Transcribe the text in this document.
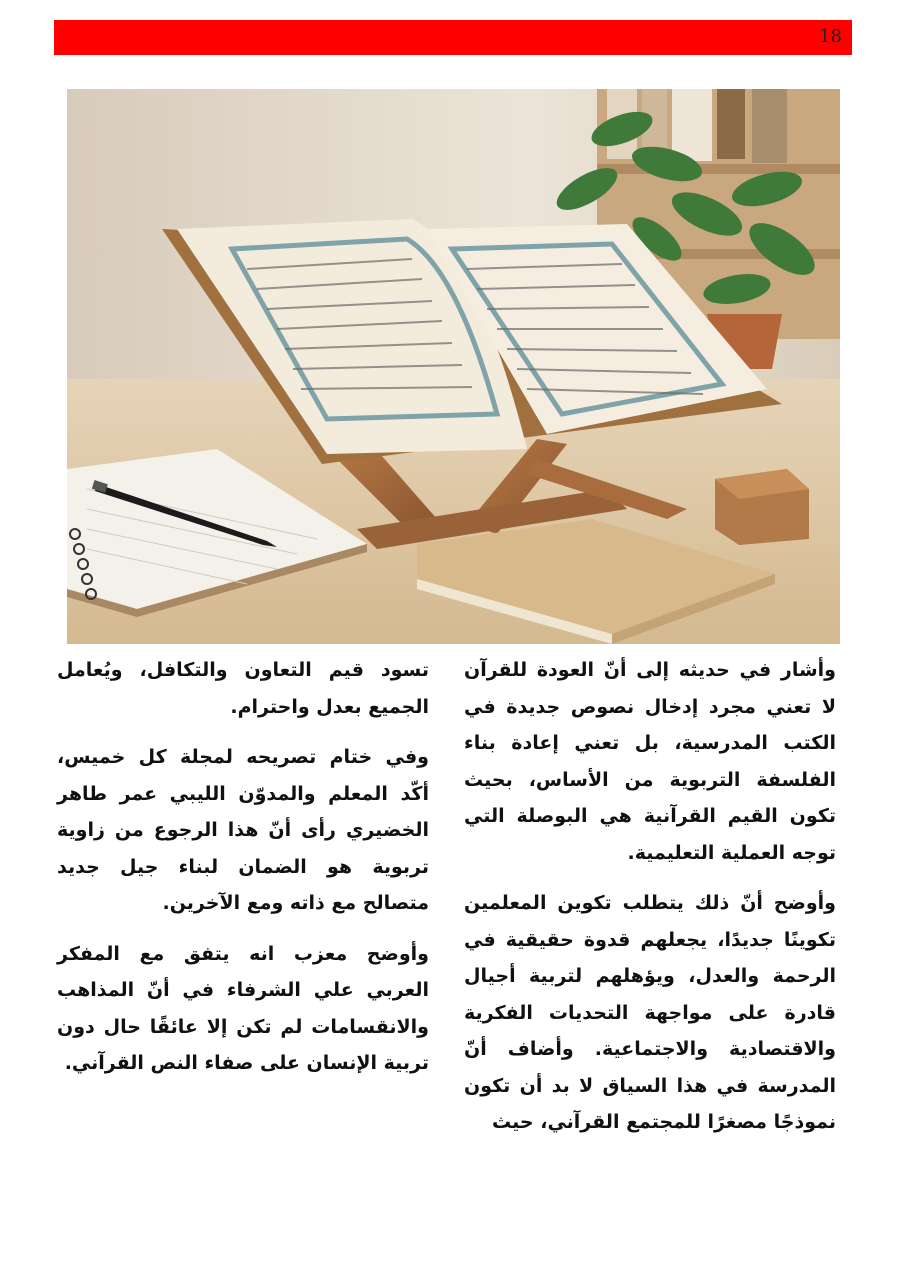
18

وأشار في حديثه إلى أنّ العودة للقرآن لا تعني مجرد إدخال نصوص جديدة في الكتب المدرسية، بل تعني إعادة بناء الفلسفة التربوية من الأساس، بحيث تكون القيم القرآنية هي البوصلة التي توجه العملية التعليمية.

وأوضح أنّ ذلك يتطلب تكوين المعلمين تكوينًا جديدًا، يجعلهم قدوة حقيقية في الرحمة والعدل، ويؤهلهم لتربية أجيال قادرة على مواجهة التحديات الفكرية والاقتصادية والاجتماعية. وأضاف أنّ المدرسة في هذا السياق لا بد أن تكون نموذجًا مصغرًا للمجتمع القرآني، حيث

تسود قيم التعاون والتكافل، ويُعامل الجميع بعدل واحترام.

وفي ختام تصريحه لمجلة كل خميس، أكّد المعلم والمدوّن الليبي عمر طاهر الخضيري رأى أنّ هذا الرجوع من زاوية تربوية هو الضمان لبناء جيل جديد متصالح مع ذاته ومع الآخرين.

وأوضح معزب انه يتفق مع المفكر العربي علي الشرفاء في أنّ المذاهب والانقسامات لم تكن إلا عائقًا حال دون تربية الإنسان على صفاء النص القرآني.
